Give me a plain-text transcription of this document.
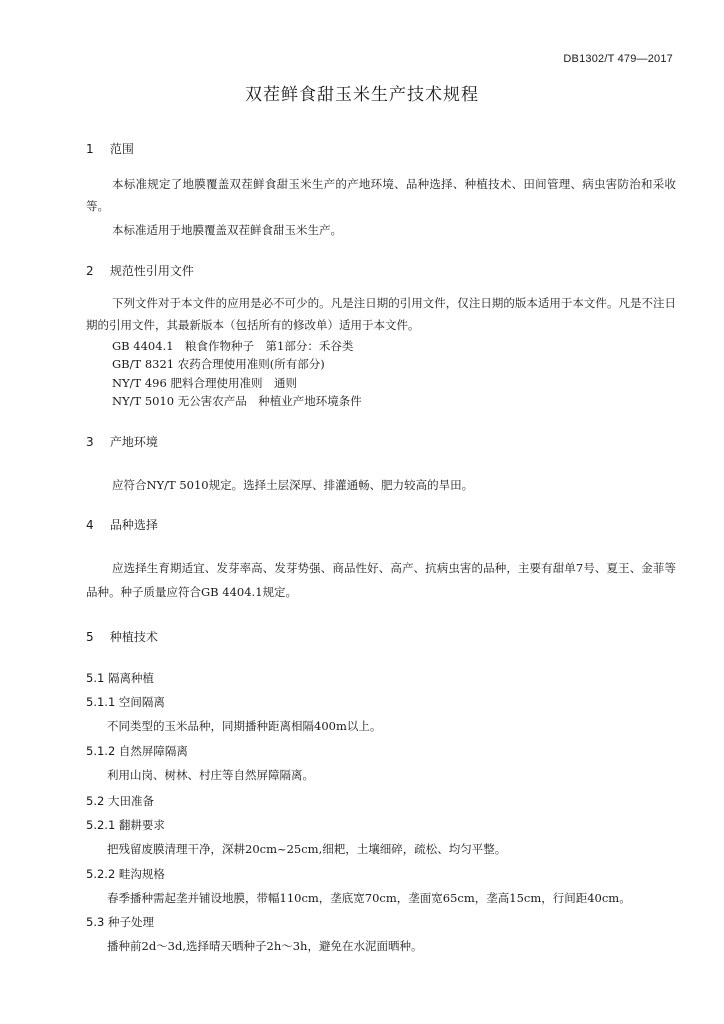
DB1302/T 479—2017
双茬鲜食甜玉米生产技术规程
1 范围
本标准规定了地膜覆盖双茬鲜食甜玉米生产的产地环境、品种选择、种植技术、田间管理、病虫害防治和采收等。
本标准适用于地膜覆盖双茬鲜食甜玉米生产。
2 规范性引用文件
下列文件对于本文件的应用是必不可少的。凡是注日期的引用文件，仅注日期的版本适用于本文件。凡是不注日期的引用文件，其最新版本（包括所有的修改单）适用于本文件。
GB 4404.1　粮食作物种子　第1部分：禾谷类
GB/T 8321 农药合理使用准则(所有部分)
NY/T 496 肥料合理使用准则　通则
NY/T 5010 无公害农产品　种植业产地环境条件
3 产地环境
应符合NY/T 5010规定。选择土层深厚、排灌通畅、肥力较高的旱田。
4 品种选择
应选择生育期适宜、发芽率高、发芽势强、商品性好、高产、抗病虫害的品种，主要有甜单7号、夏王、金菲等品种。种子质量应符合GB 4404.1规定。
5 种植技术
5.1 隔离种植
5.1.1 空间隔离
不同类型的玉米品种，同期播种距离相隔400m以上。
5.1.2 自然屏障隔离
利用山岗、树林、村庄等自然屏障隔离。
5.2 大田准备
5.2.1 翻耕要求
把残留废膜清理干净，深耕20cm~25cm,细耙，土壤细碎，疏松、均匀平整。
5.2.2 畦沟规格
春季播种需起垄并铺设地膜，带幅110cm，垄底宽70cm，垄面宽65cm，垄高15cm，行间距40cm。
5.3 种子处理
播种前2d～3d,选择晴天晒种子2h～3h，避免在水泥面晒种。
